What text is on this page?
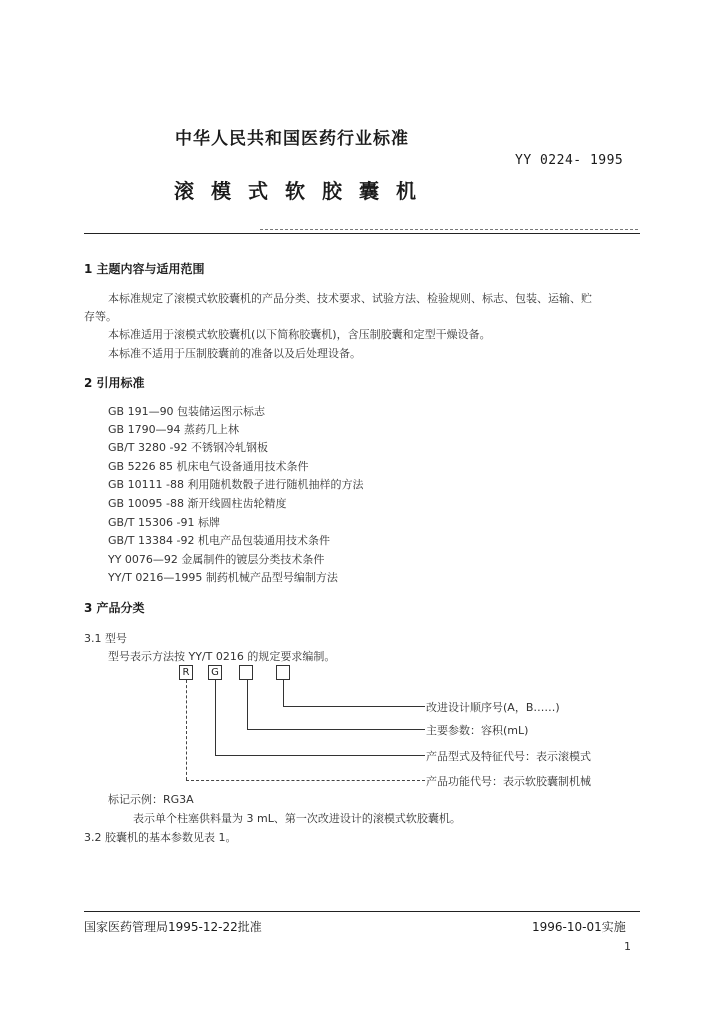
中华人民共和国医药行业标准
YY 0224- 1995
滚模式软胶囊机
1 主题内容与适用范围
本标准规定了滚模式软胶囊机的产品分类、技术要求、试验方法、检验规则、标志、包装、运输、贮
存等。
本标准适用于滚模式软胶囊机(以下简称胶囊机)，含压制胶囊和定型干燥设备。
本标准不适用于压制胶囊前的准备以及后处理设备。
2 引用标准
GB 191—90 包装储运图示标志
GB 1790—94 蒸药几上林
GB/T 3280 -92 不锈钢冷轧钢板
GB 5226 85 机床电气设备通用技术条件
GB 10111 -88 利用随机数骰子进行随机抽样的方法
GB 10095 -88 渐开线圆柱齿轮精度
GB/T 15306 -91 标牌
GB/T 13384 -92 机电产品包装通用技术条件
YY 0076—92 金属制件的镀层分类技术条件
YY/T 0216—1995 制药机械产品型号编制方法
3 产品分类
3.1 型号
型号表示方法按 YY/T 0216 的规定要求编制。
R	G
改进设计顺序号(A，B……)
主要参数：容积(mL)
产品型式及特征代号：表示滚模式
产品功能代号：表示软胶囊制机械
标记示例：RG3A
表示单个柱塞供料量为 3 mL、第一次改进设计的滚模式软胶囊机。
3.2 胶囊机的基本参数见表 1。
国家医药管理局1995-12-22批准	1996-10-01实施
1
